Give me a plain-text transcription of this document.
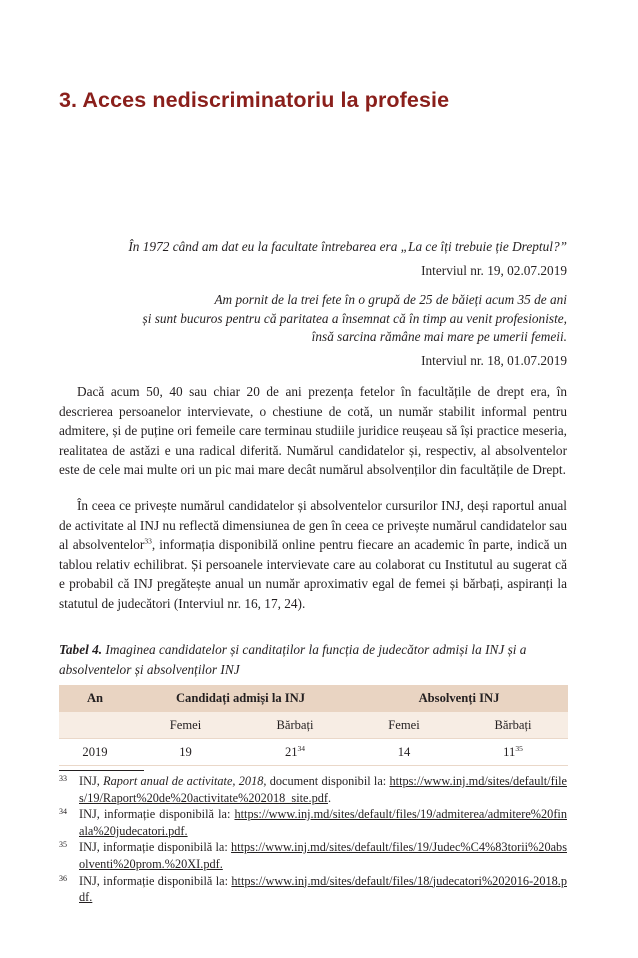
3. Acces nediscriminatoriu la profesie
În 1972 când am dat eu la facultate întrebarea era „La ce îți trebuie ție Dreptul?”
Interviul nr. 19, 02.07.2019
Am pornit de la trei fete în o grupă de 25 de băieți acum 35 de ani
și sunt bucuros pentru că paritatea a însemnat că în timp au venit profesioniste,
însă sarcina rămâne mai mare pe umerii femeii.
Interviul nr. 18, 01.07.2019

Dacă acum 50, 40 sau chiar 20 de ani prezența fetelor în facultățile de drept era, în descrierea persoanelor intervievate, o chestiune de cotă, un număr stabilit informal pentru admitere, și de puține ori femeile care terminau studiile juridice reușeau să își practice meseria, realitatea de astăzi e una radical diferită. Numărul candidatelor și, respectiv, al absolventelor este de cele mai multe ori un pic mai mare decât numărul absolvenților din facultățile de Drept.

În ceea ce privește numărul candidatelor și absolventelor cursurilor INJ, deși raportul anual de activitate al INJ nu reflectă dimensiunea de gen în ceea ce privește numărul candidatelor sau al absolventelor$^{33}$, informația disponibilă online pentru fiecare an academic în parte, indică un tablou relativ echilibrat. Și persoanele intervievate care au colaborat cu Institutul au sugerat că e probabil că INJ pregătește anual un număr aproximativ egal de femei și bărbați, aspiranți la statutul de judecători (Interviul nr. 16, 17, 24).

Tabel 4. Imaginea candidatelor și canditaților la funcția de judecător admiși la INJ și a absolventelor și absolvenților INJ
An	Candidați admiși la INJ		Absolvenți INJ	
	Femei	Bărbați	Femei	Bărbați
2019	19	$21^{34}$	14	$11^{35}$
33 INJ, Raport anual de activitate, 2018, document disponibil la: https://www.inj.md/sites/default/files/19/Raport%20de%20activitate%202018_site.pdf.
34 INJ, informație disponibilă la: https://www.inj.md/sites/default/files/19/admiterea/admitere%20finala%20judecatori.pdf.
35 INJ, informație disponibilă la: https://www.inj.md/sites/default/files/19/Judec%C4%83torii%20absolventi%20prom.%20XI.pdf.
36 INJ, informație disponibilă la: https://www.inj.md/sites/default/files/18/judecatori%202016-2018.pdf.
